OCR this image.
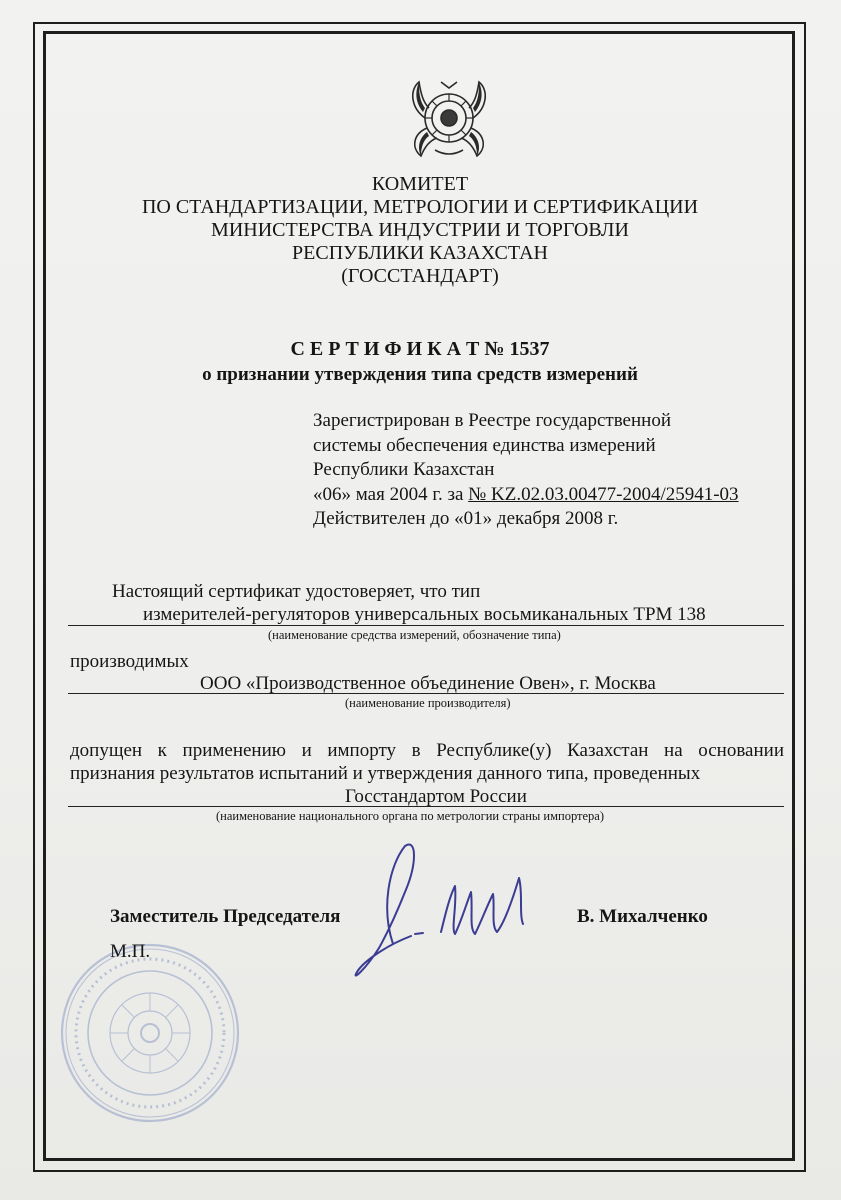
КОМИТЕТ
ПО СТАНДАРТИЗАЦИИ, МЕТРОЛОГИИ И СЕРТИФИКАЦИИ
МИНИСТЕРСТВА ИНДУСТРИИ И ТОРГОВЛИ
РЕСПУБЛИКИ КАЗАХСТАН
(ГОССТАНДАРТ)
С Е Р Т И Ф И К А Т № 1537
о признании утверждения типа средств измерений
Зарегистрирован в Реестре государственной
системы обеспечения единства измерений
Республики Казахстан
«06» мая 2004 г. за № KZ.02.03.00477-2004/25941-03
Действителен до «01» декабря 2008 г.
Настоящий сертификат удостоверяет, что тип
измерителей-регуляторов универсальных восьмиканальных ТРМ 138
(наименование средства измерений, обозначение типа)
производимых
ООО «Производственное объединение Овен», г. Москва
(наименование производителя)
допущен к применению и импорту в Республике(у) Казахстан на основании
признания результатов испытаний и утверждения данного типа, проведенных
Госстандартом России
(наименование национального органа по метрологии страны импортера)
Заместитель Председателя	В. Михалченко
М.П.
